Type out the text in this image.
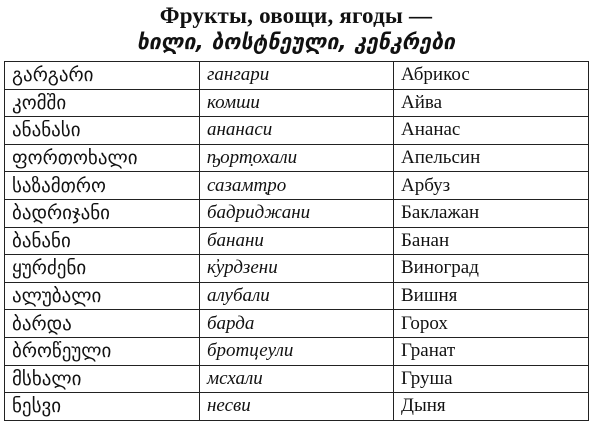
Фрукты, овощи, ягоды —
ხილი, ბოსტნეული, კენკრები
გარგარი	гангари	Абрикос
კომში	комши	Айва
ანანასი	ананаси	Ананас
ფორთოხალი	ҧорт̣охали	Апельсин
საზამთრო	сазамт̣ро	Арбуз
ბადრიჯანი	бадриджани	Баклажан
ბანანი	банани	Банан
ყურძენი	к̓урдзени	Виноград
ალუბალი	алубали	Вишня
ბარდა	барда	Горох
ბროწეული	бротцеули	Гранат
მსხალი	мсхали	Груша
ნესვი	несви	Дыня
